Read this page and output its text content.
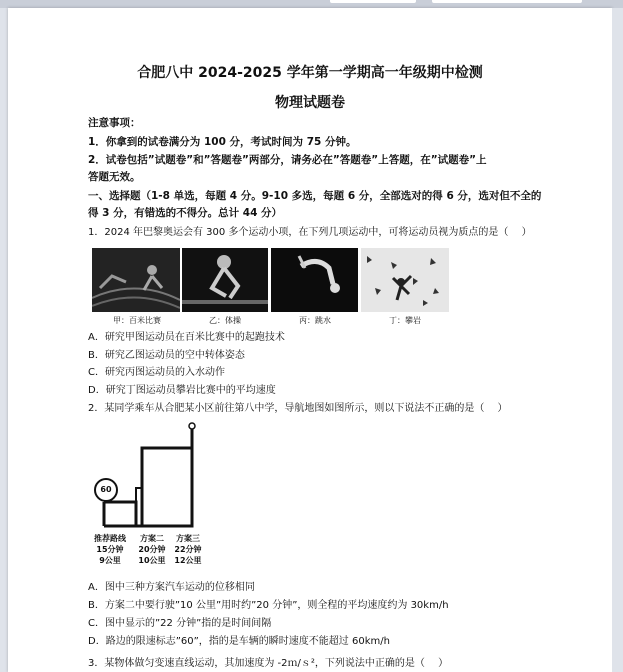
合肥八中 2024-2025 学年第一学期高一年级期中检测
物理试题卷
注意事项：
1．你拿到的试卷满分为 100 分，考试时间为 75 分钟。
2．试卷包括”试题卷”和”答题卷”两部分，请务必在”答题卷”上答题，在”试题卷”上
答题无效。
一、选择题（1-8 单选，每题 4 分。9-10 多选，每题 6 分，全部选对的得 6 分，选对但不全的
得 3 分，有错选的不得分。总计 44 分）
1．2024 年巴黎奥运会有 300 多个运动小项，在下列几项运动中，可将运动员视为质点的是（　 ）
甲：百米比赛	乙：体操	丙：跳水	丁：攀岩
A．研究甲图运动员在百米比赛中的起跑技术
B．研究乙图运动员的空中转体姿态
C．研究丙图运动员的入水动作
D．研究丁图运动员攀岩比赛中的平均速度
2．某同学乘车从合肥某小区前往第八中学，导航地图如图所示，则以下说法不正确的是（　 ）
60
推荐路线
15分钟
9公里
方案二
20分钟
10公里
方案三
22分钟
12公里
A．图中三种方案汽车运动的位移相同
B．方案二中要行驶”10 公里”用时约”20 分钟”，则全程的平均速度约为 30km/h
C．图中显示的”22 分钟”指的是时间间隔
D．路边的限速标志”60”，指的是车辆的瞬时速度不能超过 60km/h
3．某物体做匀变速直线运动，其加速度为 -2ｍ/ｓ²，下列说法中正确的是（　 ）
